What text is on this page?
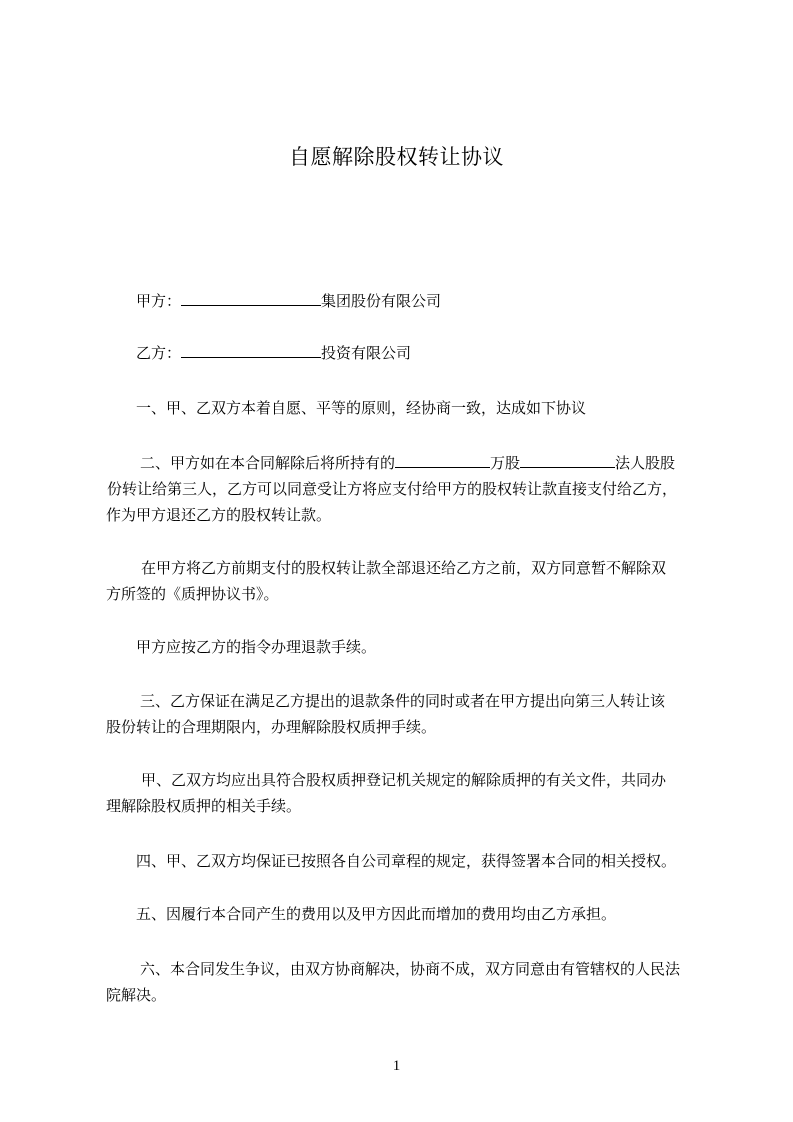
自愿解除股权转让协议
甲方：	集团股份有限公司
乙方：	投资有限公司
一、甲、乙双方本着自愿、平等的原则，经协商一致，达成如下协议
二、甲方如在本合同解除后将所持有的	万股	法人股股
份转让给第三人，乙方可以同意受让方将应支付给甲方的股权转让款直接支付给乙方，
作为甲方退还乙方的股权转让款。
在甲方将乙方前期支付的股权转让款全部退还给乙方之前，双方同意暂不解除双
方所签的《质押协议书》。
甲方应按乙方的指令办理退款手续。
三、乙方保证在满足乙方提出的退款条件的同时或者在甲方提出向第三人转让该
股份转让的合理期限内，办理解除股权质押手续。
甲、乙双方均应出具符合股权质押登记机关规定的解除质押的有关文件，共同办
理解除股权质押的相关手续。
四、甲、乙双方均保证已按照各自公司章程的规定，获得签署本合同的相关授权。
五、因履行本合同产生的费用以及甲方因此而增加的费用均由乙方承担。
六、本合同发生争议，由双方协商解决，协商不成，双方同意由有管辖权的人民法
院解决。
1
